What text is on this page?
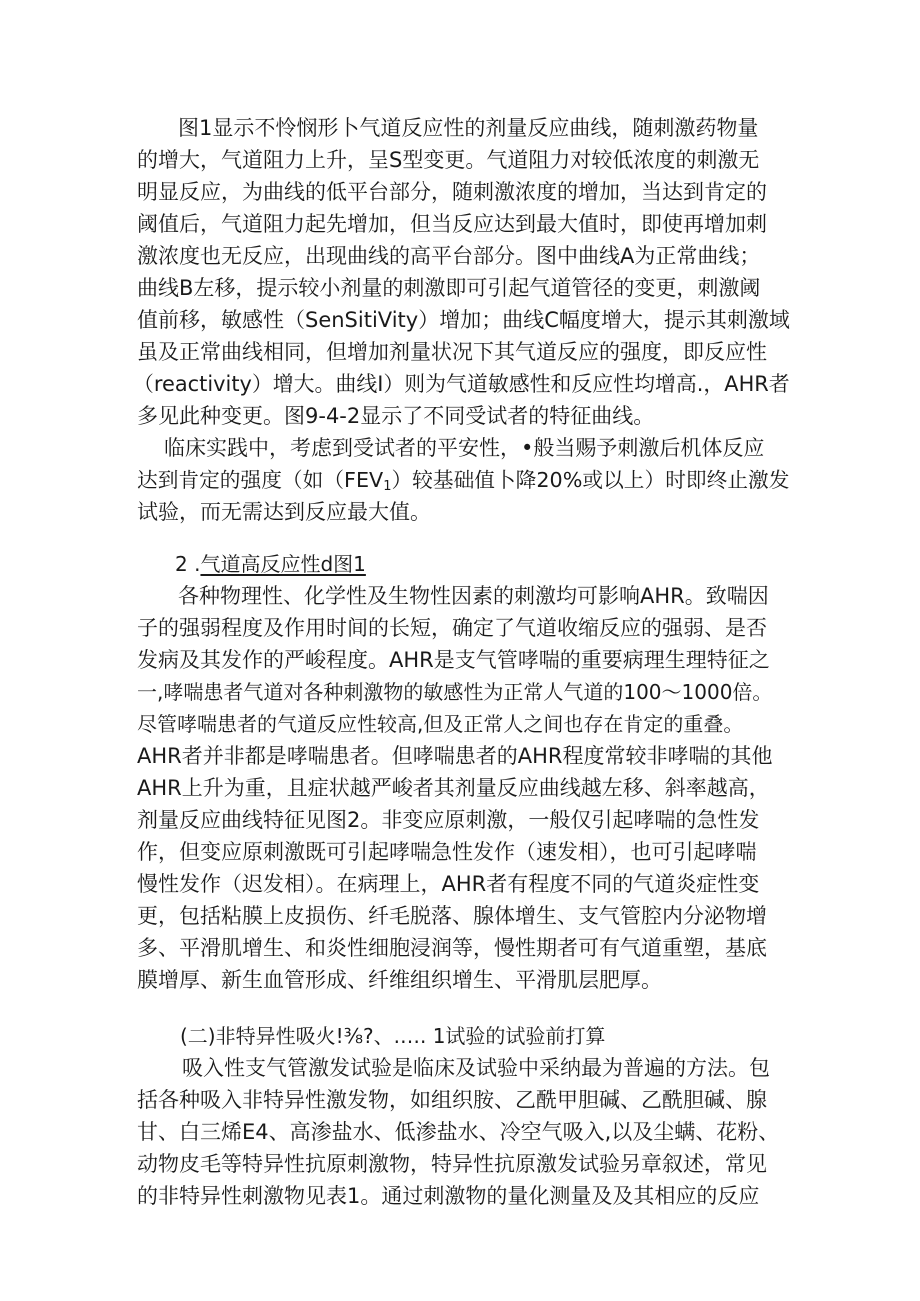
图1显示不怜悯形卜气道反应性的剂量反应曲线，随刺激药物量
的增大，气道阻力上升，呈S型变更。气道阻力对较低浓度的刺激无
明显反应，为曲线的低平台部分，随刺激浓度的增加，当达到肯定的
阈值后，气道阻力起先增加，但当反应达到最大值时，即使再增加刺
激浓度也无反应，出现曲线的高平台部分。图中曲线A为正常曲线；
曲线B左移，提示较小剂量的刺激即可引起气道管径的变更，刺激阈
值前移，敏感性（SenSitiVity）增加；曲线C幅度增大，提示其刺激域
虽及正常曲线相同，但增加剂量状况下其气道反应的强度，即反应性
（reactivity）增大。曲线I）则为气道敏感性和反应性均增高.，AHR者
多见此种变更。图9-4-2显示了不同受试者的特征曲线。
临床实践中，考虑到受试者的平安性，•般当赐予刺激后机体反应
达到肯定的强度（如$(FEV_1)$较基础值卜降20%或以上）时即终止激发
试验，而无需达到反应最大值。
2 .气道高反应性d图1
各种物理性、化学性及生物性因素的刺激均可影响AHR。致喘因
子的强弱程度及作用时间的长短，确定了气道收缩反应的强弱、是否
发病及其发作的严峻程度。AHR是支气管哮喘的重要病理生理特征之
一,哮喘患者气道对各种刺激物的敏感性为正常人气道的100〜1000倍。
尽管哮喘患者的气道反应性较高,但及正常人之间也存在肯定的重叠。
AHR者并非都是哮喘患者。但哮喘患者的AHR程度常较非哮喘的其他
AHR上升为重，且症状越严峻者其剂量反应曲线越左移、斜率越高，
剂量反应曲线特征见图2。非变应原刺激，一般仅引起哮喘的急性发
作，但变应原刺激既可引起哮喘急性发作（速发相），也可引起哮喘
慢性发作（迟发相）。在病理上，AHR者有程度不同的气道炎症性变
更，包括粘膜上皮损伤、纤毛脱落、腺体增生、支气管腔内分泌物增
多、平滑肌增生、和炎性细胞浸润等，慢性期者可有气道重塑，基底
膜增厚、新生血管形成、纤维组织增生、平滑肌层肥厚。
(二)非特异性吸火!⅜?、.…. 1试验的试验前打算
吸入性支气管激发试验是临床及试验中采纳最为普遍的方法。包
括各种吸入非特异性激发物，如组织胺、乙酰甲胆碱、乙酰胆碱、腺
甘、白三烯E4、高渗盐水、低渗盐水、冷空气吸入,以及尘螨、花粉、
动物皮毛等特异性抗原刺激物，特异性抗原激发试验另章叙述，常见
的非特异性刺激物见表1。通过刺激物的量化测量及及其相应的反应
